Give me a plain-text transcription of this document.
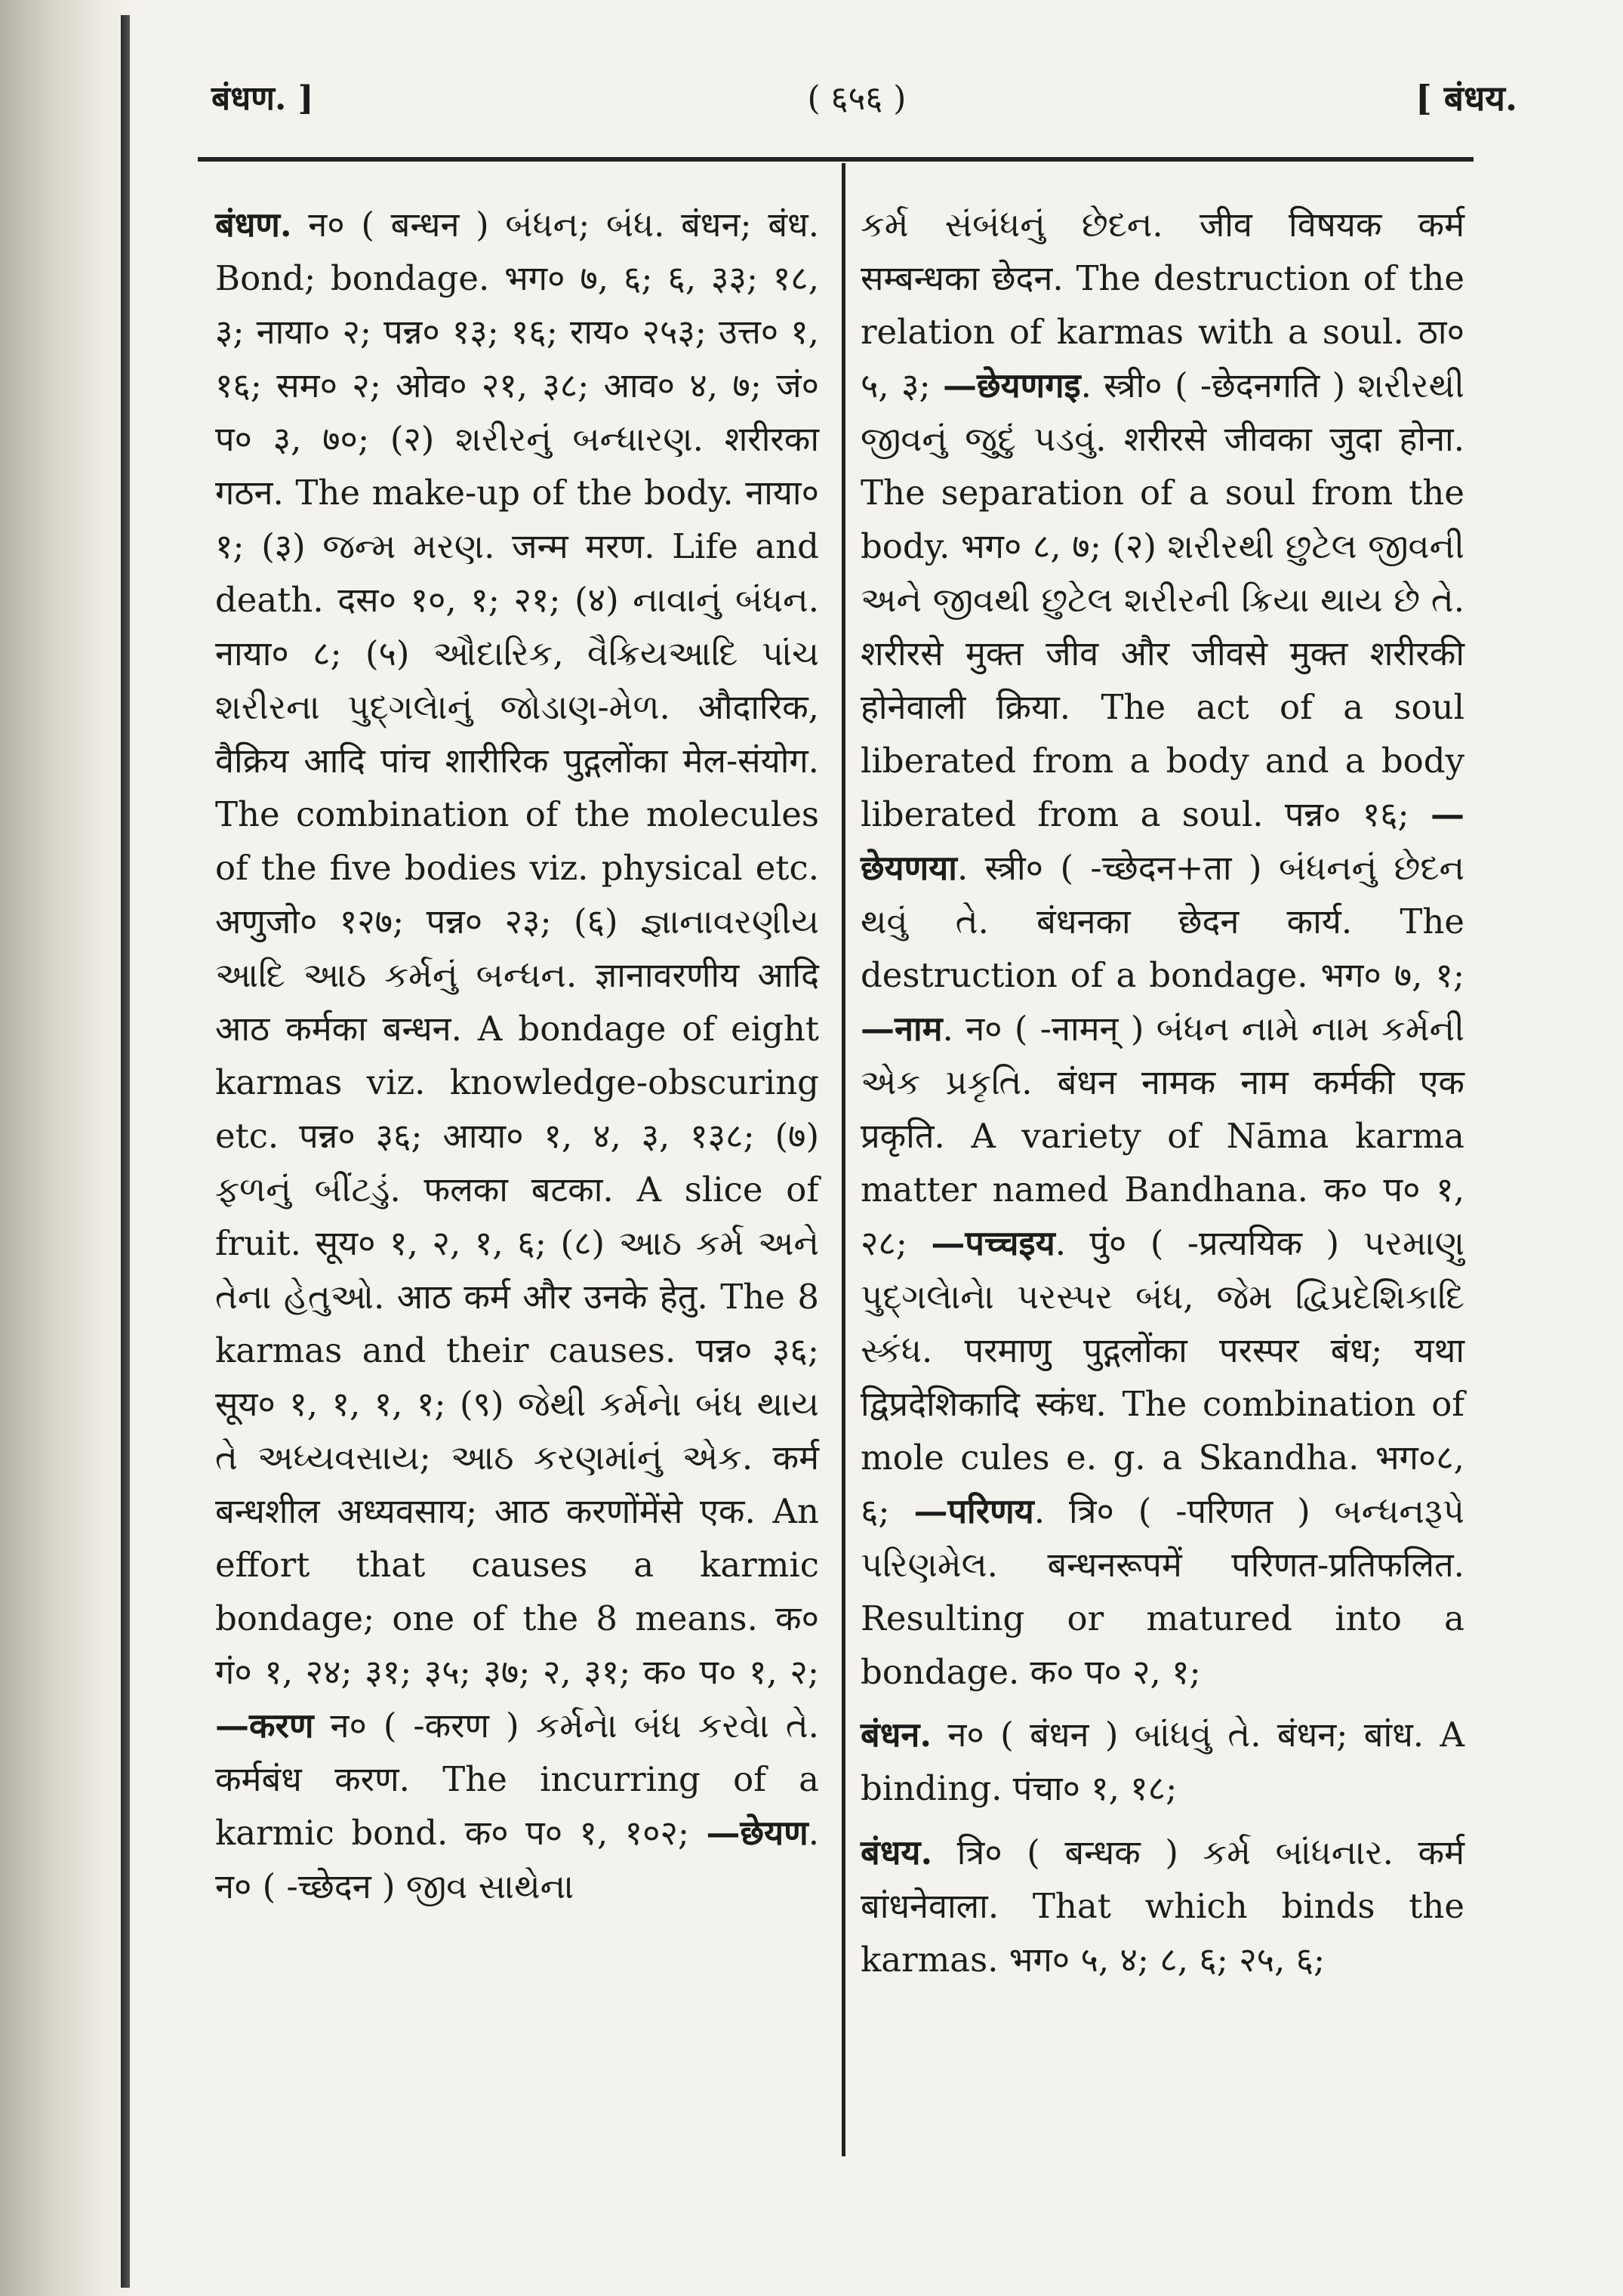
बंधण. ]	( ६५६ )	[ बंधय.

बंधण. न० ( बन्धन ) બંધન; બંધ. बंधन; बंध. Bond; bondage. भग० ७, ६; ६, ३३; १८, ३; नाया० २; पन्न० १३; १६; राय० २५३; उत्त० १, १६; सम० २; ओव० २१, ३८; आव० ४, ७; जं० प० ३, ७०; (२) શરીરનું બન્ધારણ. शरीरका गठन. The make-up of the body. नाया० १; (३) જન્મ મરણ. जन्म मरण. Life and death. दस० १०, १; २१; (४) નાવાનું બંધન. नाया० ८; (५) ઔદારિક, વૈક્રિયઆદિ પાંચ શરીરના પુદ્‌ગલેાનું જોડાણ-મેળ. औदारिक, वैक्रिय आदि पांच शारीरिक पुद्गलोंका मेल-संयोग. The combination of the molecules of the five bodies viz. physical etc. अणुजो० १२७; पन्न० २३; (६) જ્ઞાનાવરણીય આદિ આઠ કર્મનું બન્ધન. ज्ञानावरणीय आदि आठ कर्मका बन्धन. A bondage of eight karmas viz. knowledge-obscuring etc. पन्न० ३६; आया० १, ४, ३, १३८; (७) ફળનું બીંટડું. फलका बटका. A slice of fruit. सूय० १, २, १, ६; (८) આઠ કર્મ અને તેના હેતુઓ. आठ कर्म और उनके हेतु. The 8 karmas and their causes. पन्न० ३६; सूय० १, १, १, १; (९) જેથી કર્મનેા બંધ થાય તે અધ્યવસાય; આઠ કરણમાંનું એક. कर्म बन्धशील अध्यवसाय; आठ करणोंमेंसे एक. An effort that causes a karmic bondage; one of the 8 means. क० गं० १, २४; ३१; ३५; ३७; २, ३१; क० प० १, २; —करण न० ( -करण ) કર્મનેા બંધ કરવેા તે. कर्मबंध करण. The incurring of a karmic bond. क० प० १, १०२; —छेयण. न० ( -च्छेदन ) જીવ સાથેના

કર્મ સંબંધનું છેદન. जीव विषयक कर्म सम्बन्धका छेदन. The destruction of the relation of karmas with a soul. ठा० ५, ३; —छेयणगइ. स्त्री० ( -छेदनगति ) શરીરથી જીવનું જુદું પડવું. शरीरसे जीवका जुदा होना. The separation of a soul from the body. भग० ८, ७; (२) શરીરથી છુટેલ જીવની અને જીવથી છુટેલ શરીરની ક્રિયા થાય છે તે. शरीरसे मुक्त जीव और जीवसे मुक्त शरीरकी होनेवाली क्रिया. The act of a soul liberated from a body and a body liberated from a soul. पन्न० १६; —छेयणया. स्त्री० ( -च्छेदन+ता ) બંધનનું છેદન થવું તે. बंधनका छेदन कार्य. The destruction of a bondage. भग० ७, १; —नाम. न० ( -नामन् ) બંધન નામે નામ કર્મની એક પ્રકૃતિ. बंधन नामक नाम कर्मकी एक प्रकृति. A variety of Nāma karma matter named Bandhana. क० प० १, २८; —पच्चइय. पुं० ( -प्रत्ययिक ) પરમાણુ પુદ્‌ગલેાનેા પરસ્પર બંધ, જેમ દ્વિપ્રદેશિકાદિ સ્કંધ. परमाणु पुद्गलोंका परस्पर बंध; यथा द्विप्रदेशिकादि स्कंध. The combination of mole cules e. g. a Skandha. भग०८, ६; —परिणय. त्रि० ( -परिणत ) બન્ધનરૂપે પરિણમેલ. बन्धनरूपमें परिणत-प्रतिफलित. Resulting or matured into a bondage. क० प० २, १;

बंधन. न० ( बंधन ) બાંધવું તે. बंधन; बांध. A binding. पंचा० १, १८;

बंधय. त्रि० ( बन्धक ) કર્મ બાંધનાર. कर्म बांधनेवाला. That which binds the karmas. भग० ५, ४; ८, ६; २५, ६;
